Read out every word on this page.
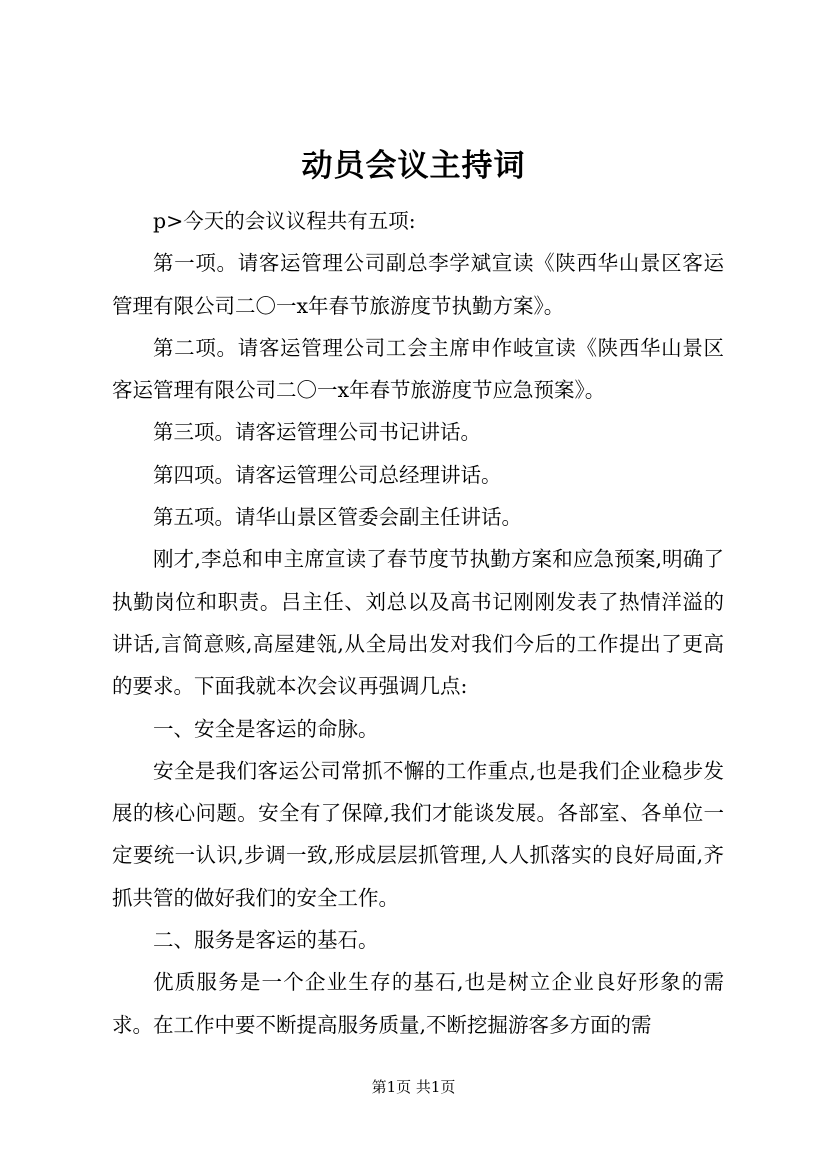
动员会议主持词

p>今天的会议议程共有五项:

第一项。请客运管理公司副总李学斌宣读《陕西华山景区客运管理有限公司二〇一x年春节旅游度节执勤方案》。

第二项。请客运管理公司工会主席申作岐宣读《陕西华山景区客运管理有限公司二〇一x年春节旅游度节应急预案》。

第三项。请客运管理公司书记讲话。

第四项。请客运管理公司总经理讲话。

第五项。请华山景区管委会副主任讲话。

刚才,李总和申主席宣读了春节度节执勤方案和应急预案,明确了执勤岗位和职责。吕主任、刘总以及高书记刚刚发表了热情洋溢的讲话,言简意赅,高屋建瓴,从全局出发对我们今后的工作提出了更高的要求。下面我就本次会议再强调几点:

一、安全是客运的命脉。

安全是我们客运公司常抓不懈的工作重点,也是我们企业稳步发展的核心问题。安全有了保障,我们才能谈发展。各部室、各单位一定要统一认识,步调一致,形成层层抓管理,人人抓落实的良好局面,齐抓共管的做好我们的安全工作。

二、服务是客运的基石。

优质服务是一个企业生存的基石,也是树立企业良好形象的需求。在工作中要不断提高服务质量,不断挖掘游客多方面的需

第1页 共1页
